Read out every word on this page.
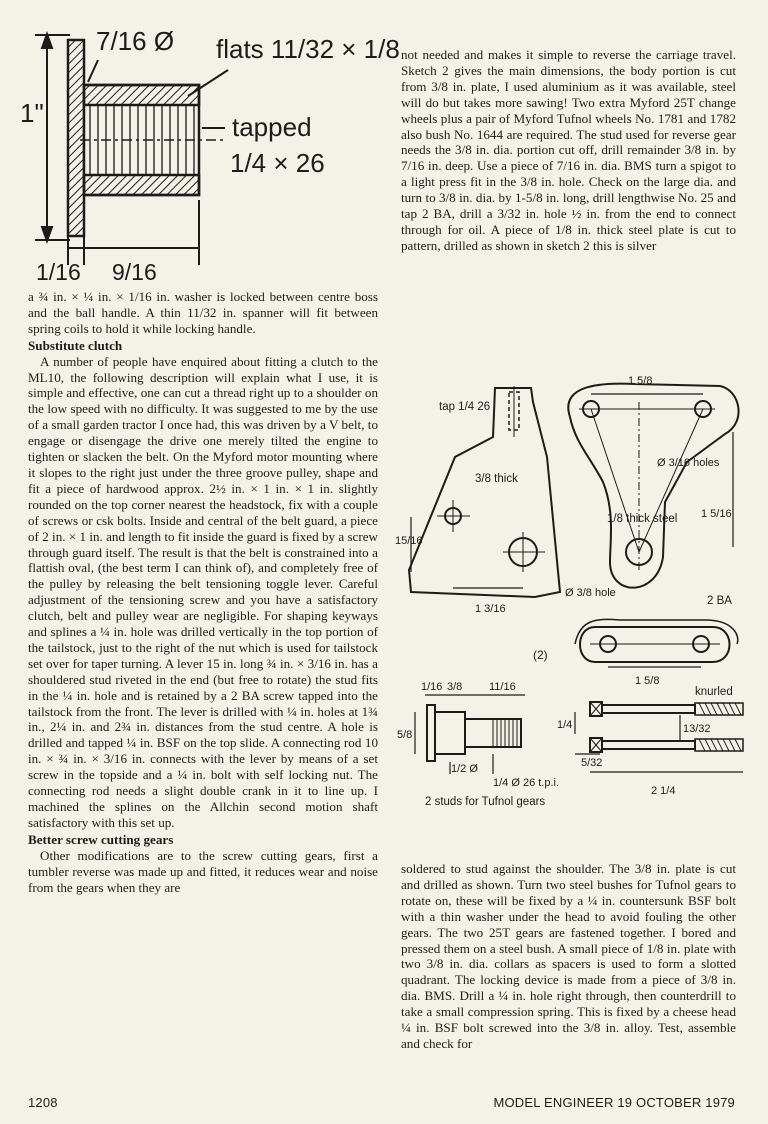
7/16 Ø flats 11/32 × 1/8
1"	tapped
1/4 × 26
1/16 9/16

a ¾ in. × ¼ in. × 1/16 in. washer is locked between centre boss and the ball handle. A thin 11/32 in. spanner will fit between spring coils to hold it while locking handle.

Substitute clutch

A number of people have enquired about fitting a clutch to the ML10, the following description will explain what I use, it is simple and effective, one can cut a thread right up to a shoulder on the low speed with no difficulty. It was suggested to me by the use of a small garden tractor I once had, this was driven by a V belt, to engage or disengage the drive one merely tilted the engine to tighten or slacken the belt. On the Myford motor mounting where it slopes to the right just under the three groove pulley, shape and fit a piece of hardwood approx. 2½ in. × 1 in. × 1 in. slightly rounded on the top corner nearest the headstock, fix with a couple of screws or csk bolts. Inside and central of the belt guard, a piece of 2 in. × 1 in. and length to fit inside the guard is fixed by a screw through guard itself. The result is that the belt is constrained into a flattish oval, (the best term I can think of), and completely free of the pulley by releasing the belt tensioning toggle lever. Careful adjustment of the tensioning screw and you have a satisfactory clutch, belt and pulley wear are negligible. For shaping keyways and splines a ¼ in. hole was drilled vertically in the top portion of the tailstock, just to the right of the nut which is used for tailstock set over for taper turning. A lever 15 in. long ¾ in. × 3/16 in. has a shouldered stud riveted in the end (but free to rotate) the stud fits in the ¼ in. hole and is retained by a 2 BA screw tapped into the tailstock from the front. The lever is drilled with ¼ in. holes at 1¾ in., 2¼ in. and 2¾ in. distances from the stud centre. A hole is drilled and tapped ¼ in. BSF on the top slide. A connecting rod 10 in. × ¾ in. × 3/16 in. connects with the lever by means of a set screw in the topside and a ¼ in. bolt with self locking nut. The connecting rod needs a slight double crank in it to line up. I machined the splines on the Allchin second motion shaft satisfactory with this set up.

Better screw cutting gears

Other modifications are to the screw cutting gears, first a tumbler reverse was made up and fitted, it reduces wear and noise from the gears when they are

not needed and makes it simple to reverse the carriage travel. Sketch 2 gives the main dimensions, the body portion is cut from 3/8 in. plate, I used aluminium as it was available, steel will do but takes more sawing! Two extra Myford 25T change wheels plus a pair of Myford Tufnol wheels No. 1781 and 1782 also bush No. 1644 are required. The stud used for reverse gear needs the 3/8 in. dia. portion cut off, drill remainder 3/8 in. by 7/16 in. deep. Use a piece of 7/16 in. dia. BMS turn a spigot to a light press fit in the 3/8 in. hole. Check on the large dia. and turn to 3/8 in. dia. by 1-5/8 in. long, drill lengthwise No. 25 and tap 2 BA, drill a 3/32 in. hole ½ in. from the end to connect through for oil. A piece of 1/8 in. thick steel plate is cut to pattern, drilled as shown in sketch 2 this is silver

tap 1/4 26
3/8 thick
15/16
1 3/16
1 5/8
Ø 3/16 holes
1/8 thick steel 1 5/16
Ø 3/8 hole
2 BA
1 5/8
(2)
1/16 3/8 11/16
5/8
1/2 Ø
1/4 Ø 26 t.p.i.
2 studs for Tufnol gears
knurled
1/4	13/32
5/32
2 1/4

soldered to stud against the shoulder. The 3/8 in. plate is cut and drilled as shown. Turn two steel bushes for Tufnol gears to rotate on, these will be fixed by a ¼ in. countersunk BSF bolt with a thin washer under the head to avoid fouling the other gears. The two 25T gears are fastened together. I bored and pressed them on a steel bush. A small piece of 1/8 in. plate with two 3/8 in. dia. collars as spacers is used to form a slotted quadrant. The locking device is made from a piece of 3/8 in. dia. BMS. Drill a ¼ in. hole right through, then counterdrill to take a small compression spring. This is fixed by a cheese head ¼ in. BSF bolt screwed into the 3/8 in. alloy. Test, assemble and check for

1208	MODEL ENGINEER 19 OCTOBER 1979
